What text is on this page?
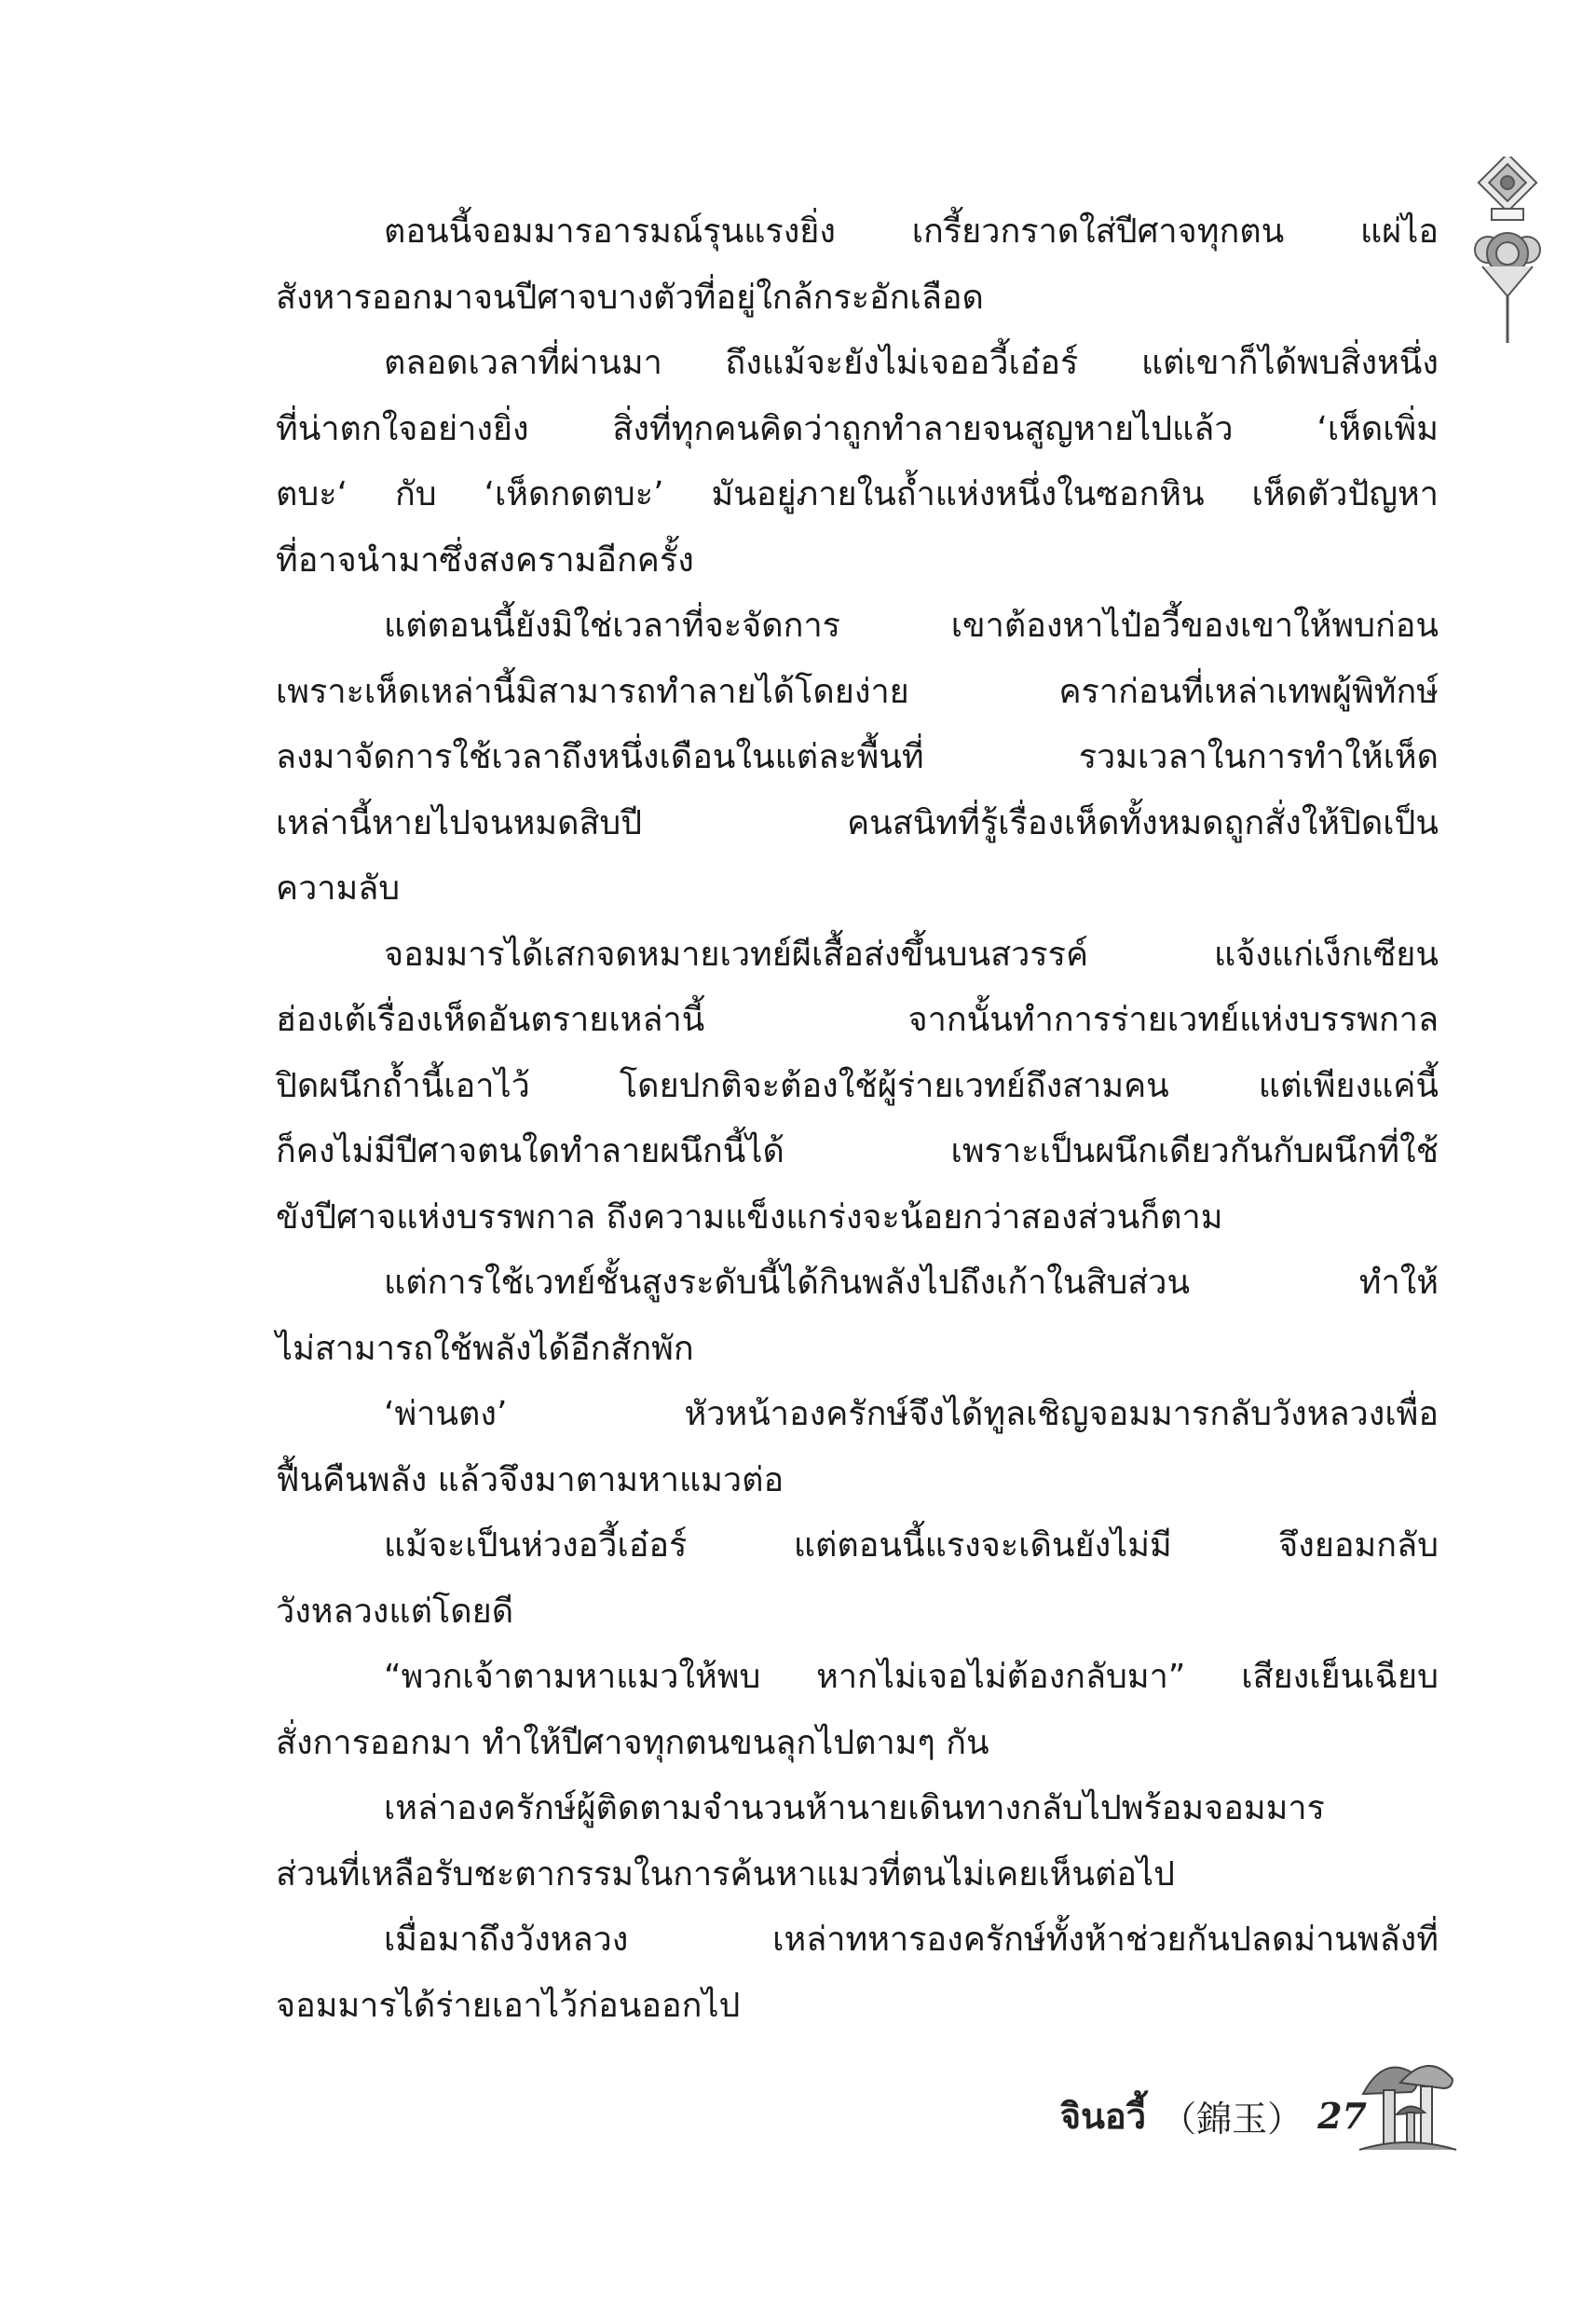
ตอนนี้จอมมารอารมณ์รุนแรงยิ่ง เกรี้ยวกราดใส่ปีศาจทุกตน แผ่ไอ
สังหารออกมาจนปีศาจบางตัวที่อยู่ใกล้กระอักเลือด
ตลอดเวลาที่ผ่านมา ถึงแม้จะยังไม่เจออวี้เอ๋อร์ แต่เขาก็ได้พบสิ่งหนึ่ง
ที่น่าตกใจอย่างยิ่ง สิ่งที่ทุกคนคิดว่าถูกทำลายจนสูญหายไปแล้ว ‘เห็ดเพิ่ม
ตบะ‘ กับ ‘เห็ดกดตบะ’ มันอยู่ภายในถ้ำแห่งหนึ่งในซอกหิน เห็ดตัวปัญหา
ที่อาจนำมาซึ่งสงครามอีกครั้ง
แต่ตอนนี้ยังมิใช่เวลาที่จะจัดการ เขาต้องหาไป๋อวี้ของเขาให้พบก่อน
เพราะเห็ดเหล่านี้มิสามารถทำลายได้โดยง่าย คราก่อนที่เหล่าเทพผู้พิทักษ์
ลงมาจัดการใช้เวลาถึงหนึ่งเดือนในแต่ละพื้นที่ รวมเวลาในการทำให้เห็ด
เหล่านี้หายไปจนหมดสิบปี คนสนิทที่รู้เรื่องเห็ดทั้งหมดถูกสั่งให้ปิดเป็น
ความลับ
จอมมารได้เสกจดหมายเวทย์ผีเสื้อส่งขึ้นบนสวรรค์ แจ้งแก่เง็กเซียน
ฮ่องเต้เรื่องเห็ดอันตรายเหล่านี้ จากนั้นทำการร่ายเวทย์แห่งบรรพกาล
ปิดผนึกถ้ำนี้เอาไว้ โดยปกติจะต้องใช้ผู้ร่ายเวทย์ถึงสามคน แต่เพียงแค่นี้
ก็คงไม่มีปีศาจตนใดทำลายผนึกนี้ได้ เพราะเป็นผนึกเดียวกันกับผนึกที่ใช้
ขังปีศาจแห่งบรรพกาล ถึงความแข็งแกร่งจะน้อยกว่าสองส่วนก็ตาม
แต่การใช้เวทย์ชั้นสูงระดับนี้ได้กินพลังไปถึงเก้าในสิบส่วน ทำให้
ไม่สามารถใช้พลังได้อีกสักพัก
‘พ่านตง’ หัวหน้าองครักษ์จึงได้ทูลเชิญจอมมารกลับวังหลวงเพื่อ
ฟื้นคืนพลัง แล้วจึงมาตามหาแมวต่อ
แม้จะเป็นห่วงอวี้เอ๋อร์ แต่ตอนนี้แรงจะเดินยังไม่มี จึงยอมกลับ
วังหลวงแต่โดยดี
“พวกเจ้าตามหาแมวให้พบ หากไม่เจอไม่ต้องกลับมา” เสียงเย็นเฉียบ
สั่งการออกมา ทำให้ปีศาจทุกตนขนลุกไปตามๆ กัน
เหล่าองครักษ์ผู้ติดตามจำนวนห้านายเดินทางกลับไปพร้อมจอมมาร
ส่วนที่เหลือรับชะตากรรมในการค้นหาแมวที่ตนไม่เคยเห็นต่อไป
เมื่อมาถึงวังหลวง เหล่าทหารองครักษ์ทั้งห้าช่วยกันปลดม่านพลังที่
จอมมารได้ร่ายเอาไว้ก่อนออกไป
จินอวี้ （錦玉） 27
